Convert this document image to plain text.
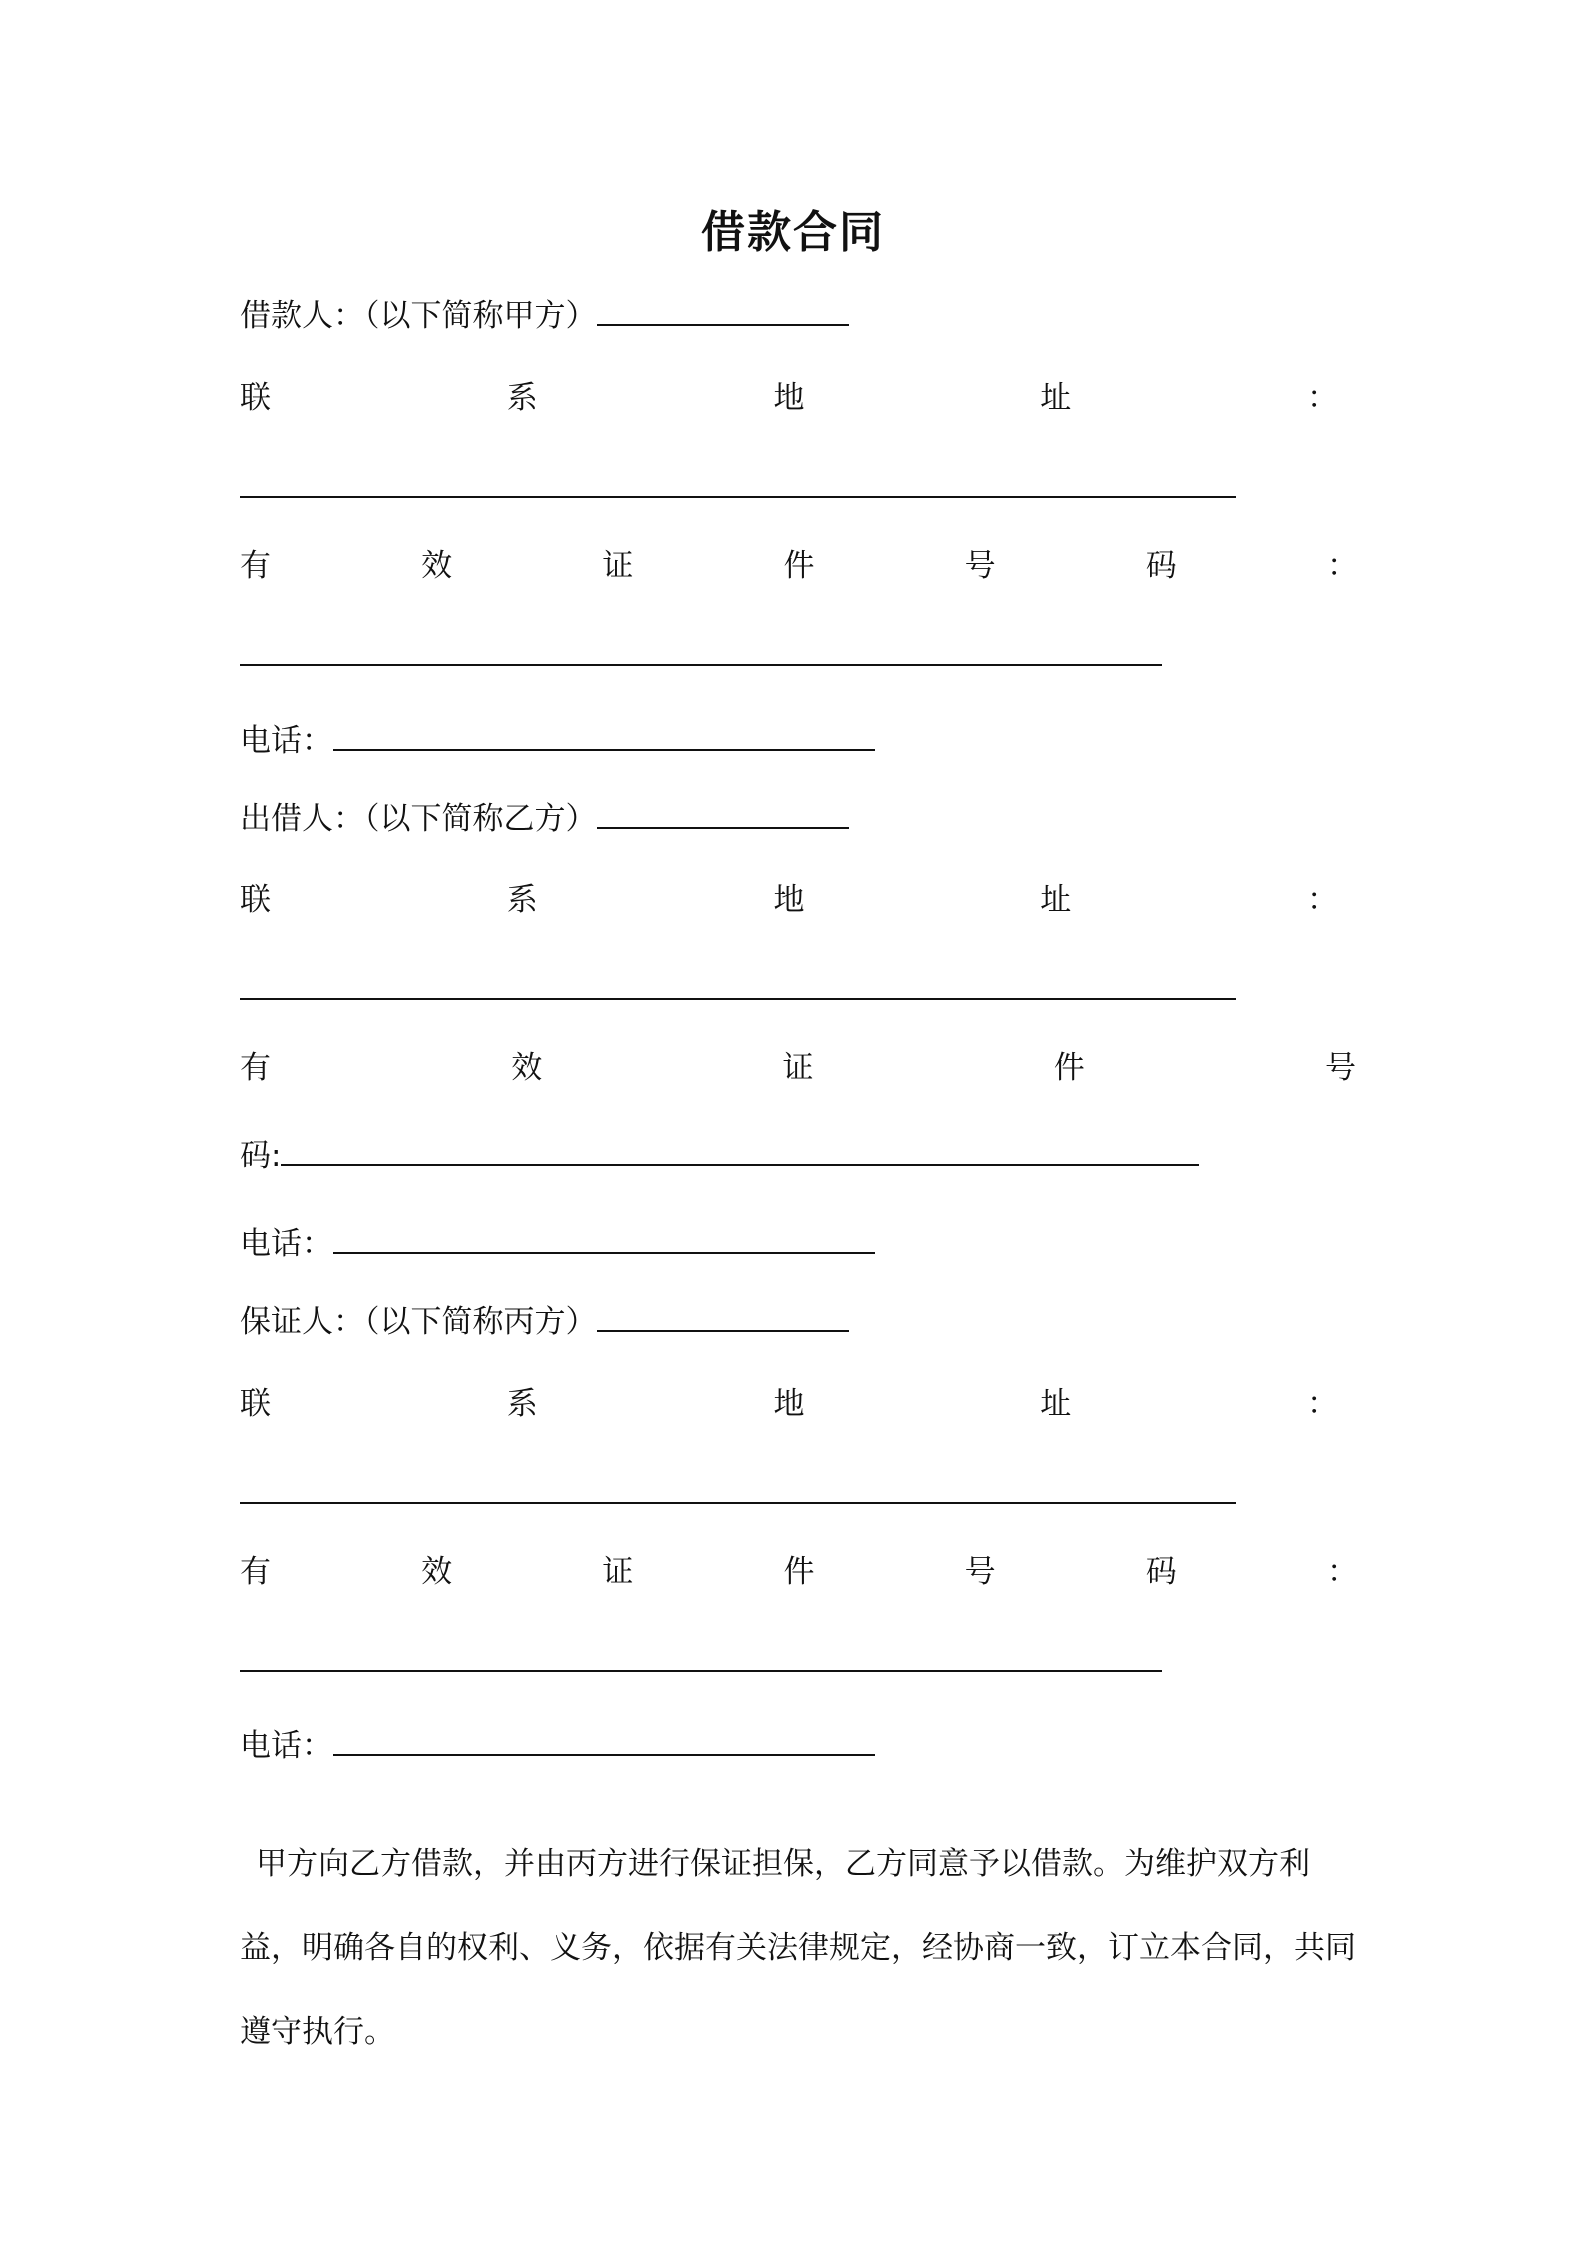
借款合同
借款人：（以下简称甲方）
联	系	地	址	：
有	效	证	件	号	码	：
电话：
出借人：（以下简称乙方）
联	系	地	址	：
有	效	证	件	号
码:
电话：
保证人：（以下简称丙方）
联	系	地	址	：
有	效	证	件	号	码	：
电话：

甲方向乙方借款，并由丙方进行保证担保，乙方同意予以借款。为维护双方利益，明确各自的权利、义务，依据有关法律规定，经协商一致，订立本合同，共同遵守执行。
